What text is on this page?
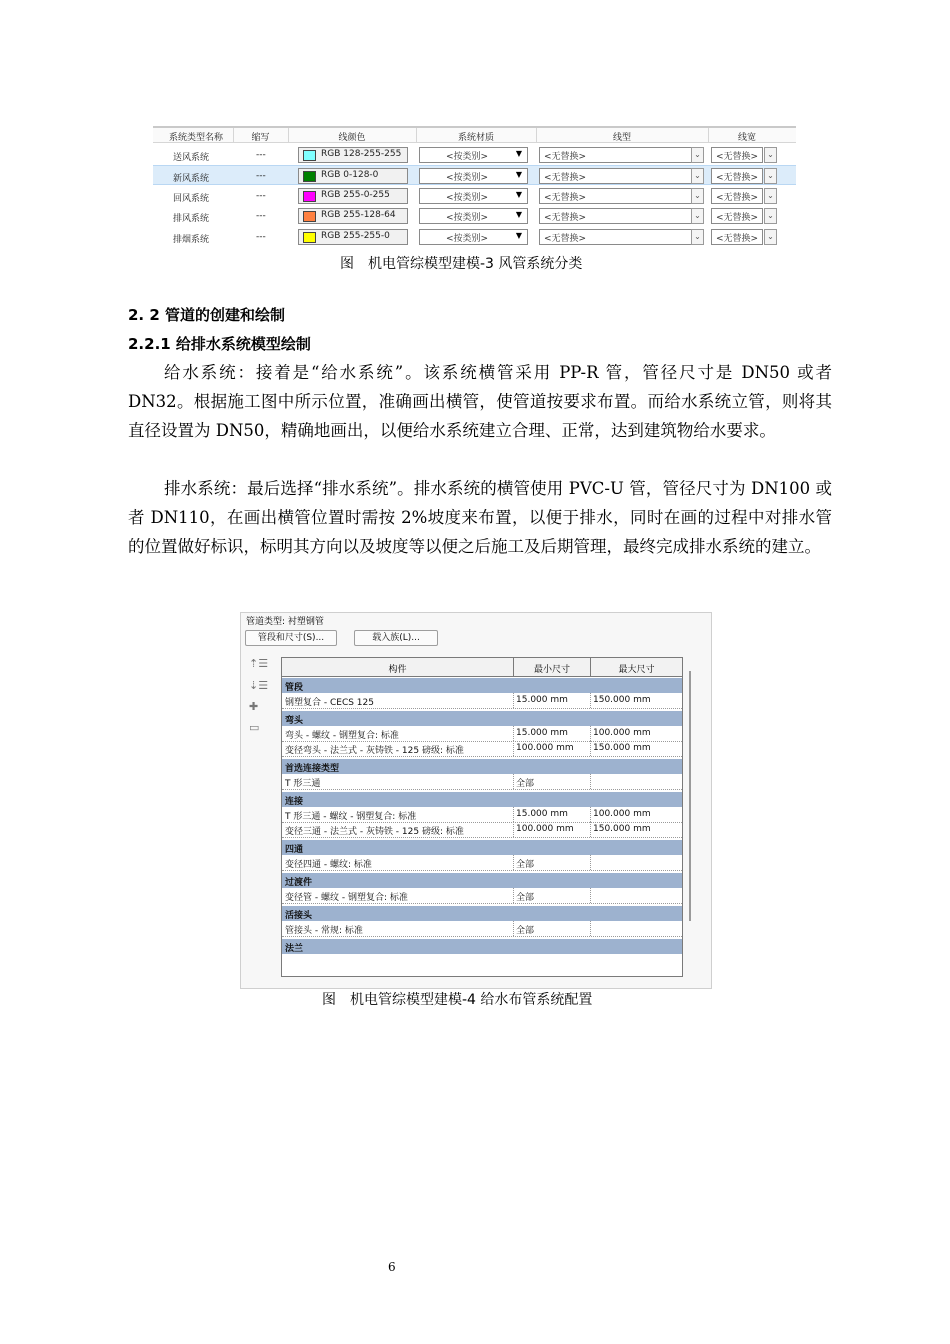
系统类型名称	缩写	线颜色	系统材质	线型	线宽
送风系统	---	RGB 128-255-255	<按类别>	▼ <无替换>	⌄	<无替换>	⌄
新风系统	---	RGB 0-128-0	<按类别>	▼ <无替换>	⌄	<无替换>	⌄
回风系统	---	RGB 255-0-255	<按类别>	▼ <无替换>	⌄	<无替换>	⌄
排风系统	---	RGB 255-128-64	<按类别>	▼ <无替换>	⌄	<无替换>	⌄
排烟系统	---	RGB 255-255-0	<按类别>	▼ <无替换>	⌄	<无替换>	⌄
图　机电管综模型建模-3 风管系统分类
2. 2 管道的创建和绘制
2.2.1 给排水系统模型绘制

给水系统：接着是“给水系统”。该系统横管采用 PP-R 管，管径尺寸是 DN50 或者 DN32。根据施工图中所示位置，准确画出横管，使管道按要求布置。而给水系统立管，则将其直径设置为 DN50，精确地画出，以便给水系统建立合理、正常，达到建筑物给水要求。

排水系统：最后选择“排水系统”。排水系统的横管使用 PVC-U 管，管径尺寸为 DN100 或者 DN110，在画出横管位置时需按 2%坡度来布置，以便于排水，同时在画的过程中对排水管的位置做好标识，标明其方向以及坡度等以便之后施工及后期管理，最终完成排水系统的建立。

管道类型: 衬塑钢管
管段和尺寸(S)...	载入族(L)...
⇡☰
⇣☰
✚
▭
构件	最小尺寸	最大尺寸
管段
钢塑复合 - CECS 125	15.000 mm	150.000 mm
弯头
弯头 - 螺纹 - 钢塑复合: 标准	15.000 mm	100.000 mm
变径弯头 - 法兰式 - 灰铸铁 - 125 磅级: 标准	100.000 mm 150.000 mm
首选连接类型
T 形三通	全部
连接
T 形三通 - 螺纹 - 钢塑复合: 标准	15.000 mm	100.000 mm
变径三通 - 法兰式 - 灰铸铁 - 125 磅级: 标准	100.000 mm 150.000 mm
四通
变径四通 - 螺纹: 标准	全部
过渡件
变径管 - 螺纹 - 钢塑复合: 标准	全部
活接头
管接头 - 常规: 标准	全部
法兰
图　机电管综模型建模-4 给水布管系统配置
6
